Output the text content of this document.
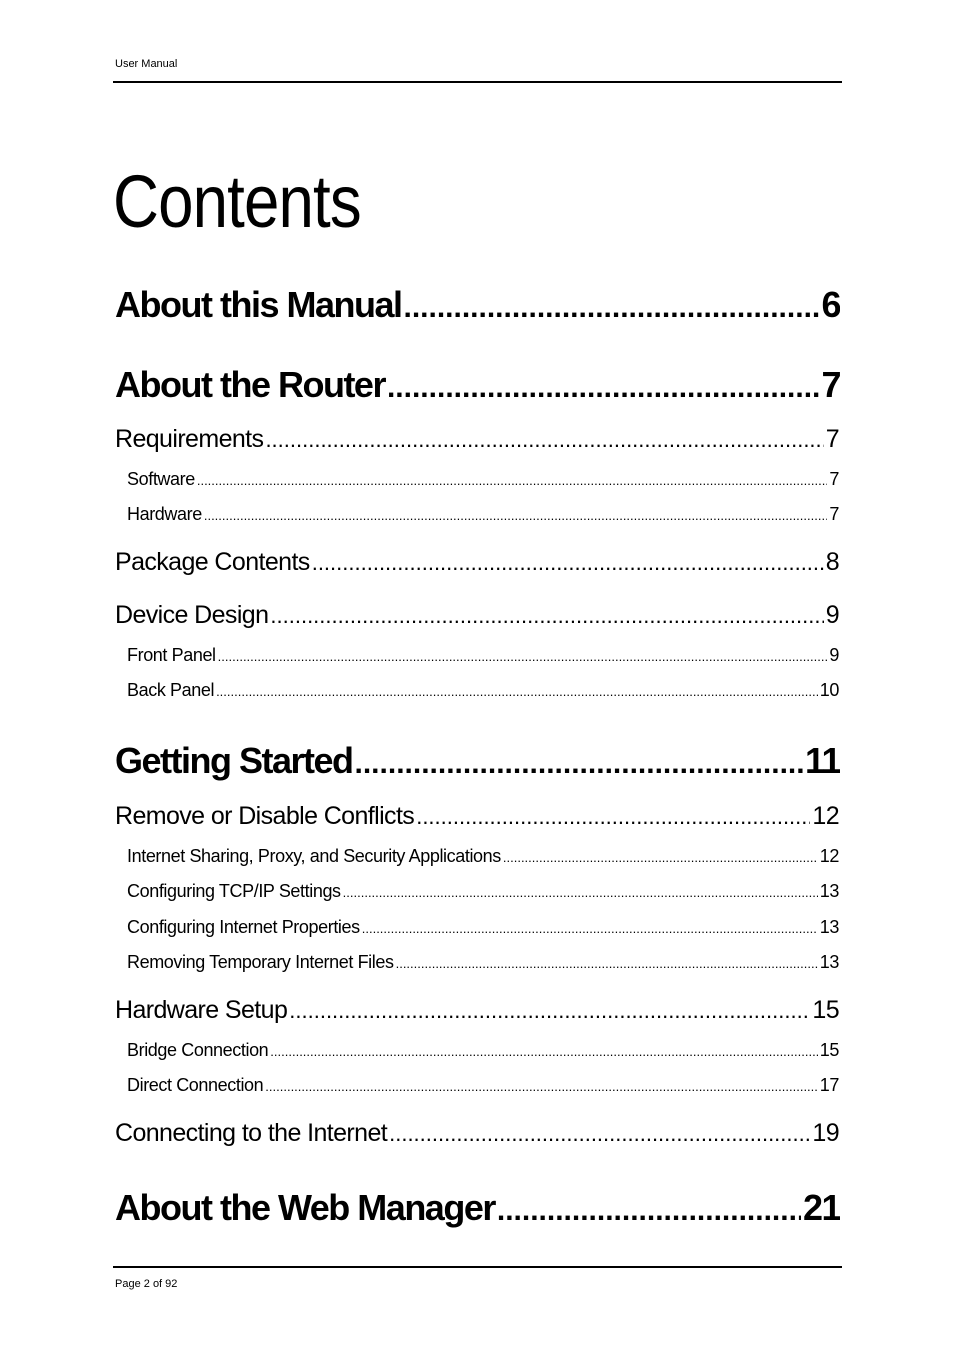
User Manual
Contents
About this Manual .....	6
About the Router .....	7
Requirements .....	7
Software .....	7
Hardware .....	7
Package Contents .....	8
Device Design .....	9
Front Panel .....	9
Back Panel .....	10
Getting Started .....	11
Remove or Disable Conflicts .....	12
Internet Sharing, Proxy, and Security Applications .....	12
Configuring TCP/IP Settings .....	13
Configuring Internet Properties .....	13
Removing Temporary Internet Files .....	13
Hardware Setup .....	15
Bridge Connection .....	15
Direct Connection .....	17
Connecting to the Internet .....	19
About the Web Manager .....	21
Page 2 of 92
